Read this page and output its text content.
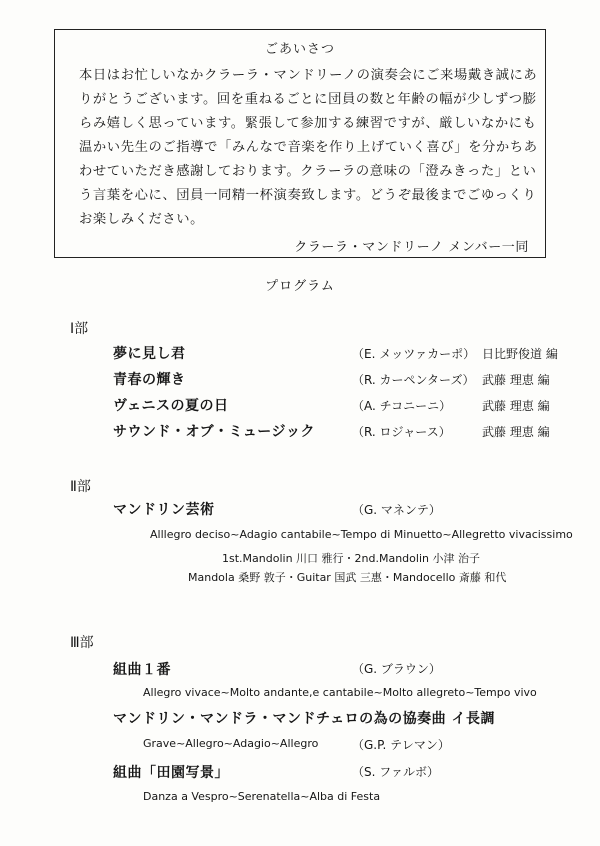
ごあいさつ
本日はお忙しいなかクラーラ・マンドリーノの演奏会にご来場戴き誠にあ
りがとうございます。回を重ねるごとに団員の数と年齢の幅が少しずつ膨
らみ嬉しく思っています。緊張して参加する練習ですが、厳しいなかにも
温かい先生のご指導で「みんなで音楽を作り上げていく喜び」を分かちあ
わせていただき感謝しております。クラーラの意味の「澄みきった」とい
う言葉を心に、団員一同精一杯演奏致します。どうぞ最後までごゆっくり
お楽しみください。
クラーラ・マンドリーノ メンバー一同
プログラム
Ⅰ部
夢に見し君	（E. メッツァカーポ） 日比野俊道 編
青春の輝き	（R. カーペンターズ） 武藤 理恵 編
ヴェニスの夏の日	（A. チコニーニ）	武藤 理恵 編
サウンド・オブ・ミュージック	（R. ロジャース）	武藤 理恵 編
Ⅱ部
マンドリン芸術	（G. マネンテ）
Alllegro deciso~Adagio cantabile~Tempo di Minuetto~Allegretto vivacissimo
1st.Mandolin 川口 雅行・2nd.Mandolin 小津 治子
Mandola 桑野 敦子・Guitar 国武 三惠・Mandocello 斎藤 和代
Ⅲ部
組曲１番	（G. ブラウン）
Allegro vivace~Molto andante,e cantabile~Molto allegreto~Tempo vivo
マンドリン・マンドラ・マンドチェロの為の協奏曲 イ長調
Grave~Allegro~Adagio~Allegro	（G.P. テレマン）
組曲「田園写景」	（S. ファルボ）
Danza a Vespro~Serenatella~Alba di Festa
